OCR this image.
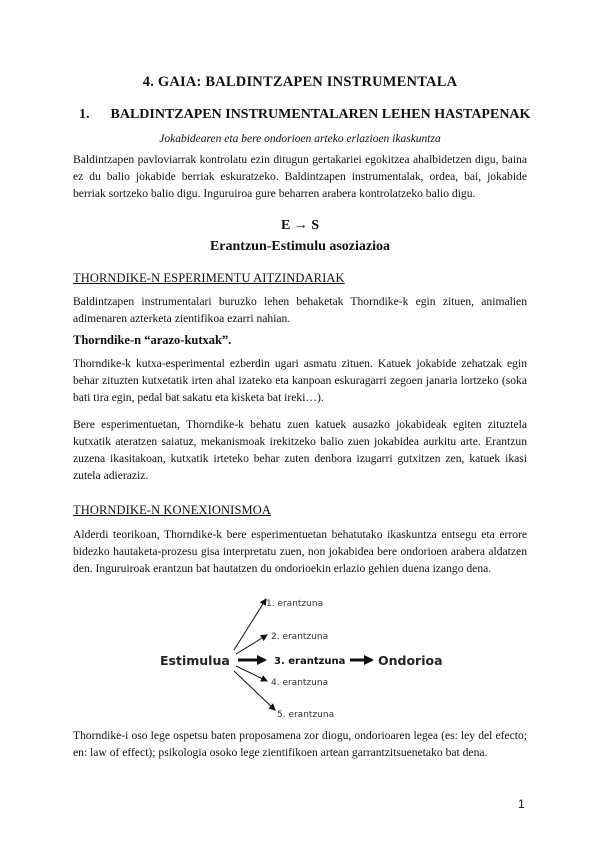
4. GAIA: BALDINTZAPEN INSTRUMENTALA
1. BALDINTZAPEN INSTRUMENTALAREN LEHEN HASTAPENAK
Jokabidearen eta bere ondorioen arteko erlazioen ikaskuntza
Baldintzapen pavloviarrak kontrolatu ezin ditugun gertakariei egokitzea ahalbidetzen digu, baina ez du balio jokabide berriak eskuratzeko. Baldintzapen instrumentalak, ordea, bai, jokabide berriak sortzeko balio digu. Inguruiroa gure beharren arabera kontrolatzeko balio digu.
E → S
Erantzun-Estimulu asoziazioa
THORNDIKE-N ESPERIMENTU AITZINDARIAK
Baldintzapen instrumentalari buruzko lehen behaketak Thorndike-k egin zituen, animalien adimenaren azterketa zientifikoa ezarri nahian.
Thorndike-n “arazo-kutxak”.
Thorndike-k kutxa-esperimental ezberdin ugari asmatu zituen. Katuek jokabide zehatzak egin behar zituzten kutxetatik irten ahal izateko eta kanpoan eskuragarri zegoen janaria lortzeko (soka bati tira egin, pedal bat sakatu eta kisketa bat ireki…).
Bere esperimentuetan, Thorndike-k behatu zuen katuek ausazko jokabideak egiten zituztela kutxatik ateratzen saiatuz, mekanismoak irekitzeko balio zuen jokabidea aurkitu arte. Erantzun zuzena ikasitakoan, kutxatik irteteko behar zuten denbora izugarri gutxitzen zen, katuek ikasi zutela adieraziz.
THORNDIKE-N KONEXIONISMOA
Alderdi teorikoan, Thorndike-k bere esperimentuetan behatutako ikaskuntza entsegu eta errore bidezko hautaketa-prozesu gisa interpretatu zuen, non jokabidea bere ondorioen arabera aldatzen den. Inguruiroak erantzun bat hautatzen du ondorioekin erlazio gehien duena izango dena.
Estimulua
1. erantzuna
2. erantzuna
3. erantzuna
4. erantzuna
5. erantzuna
Ondorioa
Thorndike-i oso lege ospetsu baten proposamena zor diogu, ondorioaren legea (es: ley del efecto; en: law of effect); psikologia osoko lege zientifikoen artean garrantzitsuenetako bat dena.
1
